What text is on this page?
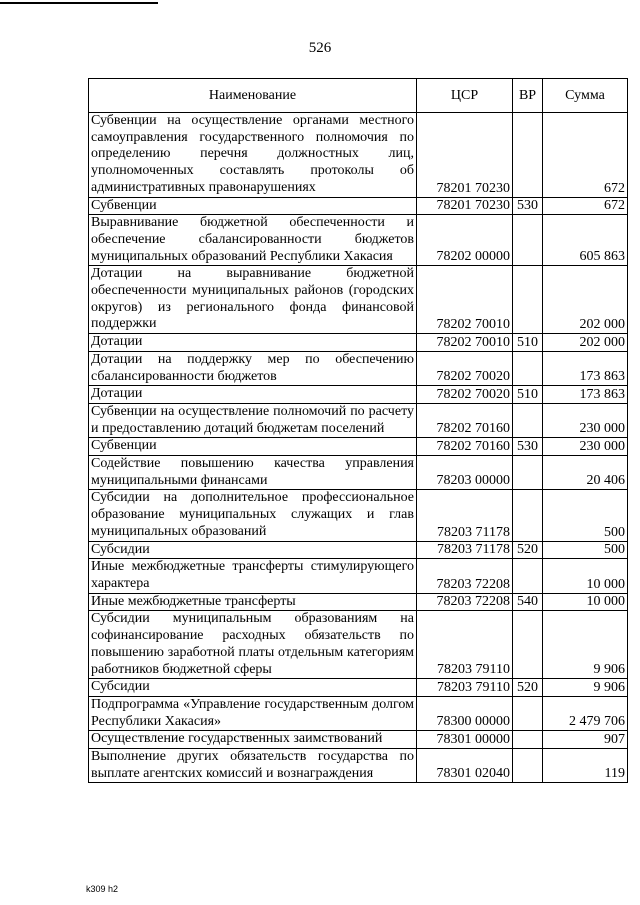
526
Наименование	ЦСР	ВР	Сумма
Субвенции на осуществление органами местного самоуправления государственного полномочия по определению перечня должностных лиц, уполномоченных составлять протоколы об административных правонарушениях	78201 70230		672
Субвенции	78201 70230	530	672
Выравнивание бюджетной обеспеченности и обеспечение сбалансированности бюджетов муниципальных образований Республики Хакасия	78202 00000		605 863
Дотации на выравнивание бюджетной обеспеченности муниципальных районов (городских округов) из регионального фонда финансовой поддержки	78202 70010		202 000
Дотации	78202 70010	510	202 000
Дотации на поддержку мер по обеспечению сбалансированности бюджетов	78202 70020		173 863
Дотации	78202 70020	510	173 863
Субвенции на осуществление полномочий по расчету и предоставлению дотаций бюджетам поселений	78202 70160		230 000
Субвенции	78202 70160	530	230 000
Содействие повышению качества управления муниципальными финансами	78203 00000		20 406
Субсидии на дополнительное профессиональное образование муниципальных служащих и глав муниципальных образований	78203 71178		500
Субсидии	78203 71178	520	500
Иные межбюджетные трансферты стимулирующего характера	78203 72208		10 000
Иные межбюджетные трансферты	78203 72208	540	10 000
Субсидии муниципальным образованиям на софинансирование расходных обязательств по повышению заработной платы отдельным категориям работников бюджетной сферы	78203 79110		9 906
Субсидии	78203 79110	520	9 906
Подпрограмма «Управление государственным долгом Республики Хакасия»	78300 00000		2 479 706
Осуществление государственных заимствований	78301 00000		907
Выполнение других обязательств государства по выплате агентских комиссий и вознаграждения	78301 02040		119
k309 h2
